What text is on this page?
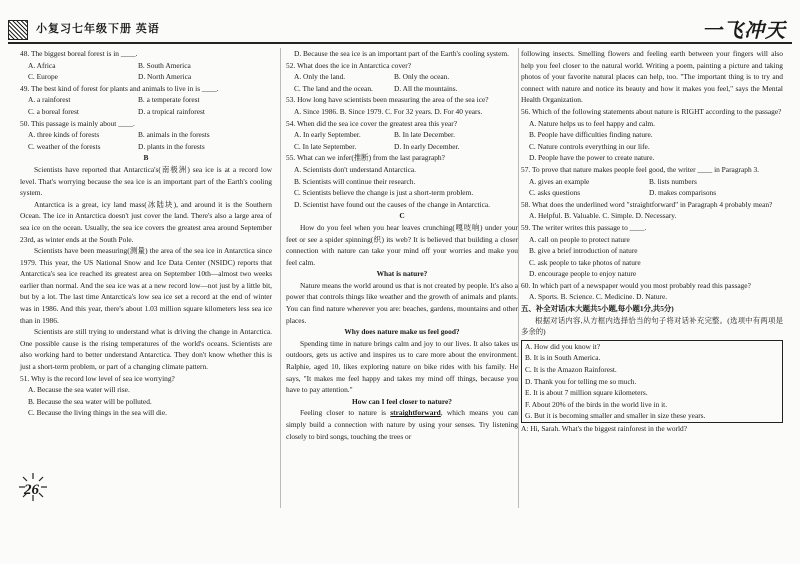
小复习七年级下册 英语	一飞冲天

48. The biggest boreal forest is in ____.

A. Africa	B. South America
C. Europe	D. North America

49. The best kind of forest for plants and animals to live in is ____.

A. a rainforest	B. a temperate forest
C. a boreal forest	D. a tropical rainforest

50. This passage is mainly about ____.

A. three kinds of forests	B. animals in the forests
C. weather of the forests	D. plants in the forests

B

Scientists have reported that Antarctica's(南极洲) sea ice is at a record low level. That's worrying because the sea ice is an important part of the Earth's cooling system.

Antarctica is a great, icy land mass(冰陆块), and around it is the Southern Ocean. The ice in Antarctica doesn't just cover the land. There's also a large area of sea ice on the ocean. Usually, the sea ice covers the greatest area around September 23rd, as winter ends at the South Pole.

Scientists have been measuring(测量) the area of the sea ice in Antarctica since 1979. This year, the US National Snow and Ice Data Center (NSIDC) reports that Antarctica's sea ice reached its greatest area on September 10th—almost two weeks earlier than normal. And the sea ice was at a new record low—not just by a little bit, but by a lot. The last time Antarctica's low sea ice set a record at the end of winter was in 1986. And this year, there's about 1.03 million square kilometers less sea ice than in 1986.

Scientists are still trying to understand what is driving the change in Antarctica. One possible cause is the rising temperatures of the world's oceans. Scientists are also working hard to better understand Antarctica. They don't know whether this is just a short-term problem, or part of a changing climate pattern.

51. Why is the record low level of sea ice worrying?

A. Because the sea water will rise.

B. Because the sea water will be polluted.

C. Because the living things in the sea will die.

D. Because the sea ice is an important part of the Earth's cooling system.

52. What does the ice in Antarctica cover?

A. Only the land.	B. Only the ocean.
C. The land and the ocean.	D. All the mountains.

53. How long have scientists been measuring the area of the sea ice?

A. Since 1986. B. Since 1979. C. For 32 years. D. For 40 years.

54. When did the sea ice cover the greatest area this year?

A. In early September.	B. In late December.
C. In late September.	D. In early December.

55. What can we infer(推断) from the last paragraph?

A. Scientists don't understand Antarctica.

B. Scientists will continue their research.

C. Scientists believe the change is just a short-term problem.

D. Scientist have found out the causes of the change in Antarctica.

C

How do you feel when you hear leaves crunching(嘎吱响) under your feet or see a spider spinning(织) its web? It is believed that building a closer connection with nature can take your mind off your worries and make you feel calm.

What is nature?

Nature means the world around us that is not created by people. It's also a power that controls things like weather and the growth of animals and plants. You can find nature wherever you are: beaches, gardens, mountains and other places.

Why does nature make us feel good?

Spending time in nature brings calm and joy to our lives. It also takes us outdoors, gets us active and inspires us to care more about the environment. Ralphie, aged 10, likes exploring nature on bike rides with his family. He says, "It makes me feel happy and takes my mind off things, because you have to pay attention."

How can I feel closer to nature?

Feeling closer to nature is straightforward, which means you can simply build a connection with nature by using your senses. Try listening closely to bird songs, touching the trees or

following insects. Smelling flowers and feeling earth between your fingers will also help you feel closer to the natural world. Writing a poem, painting a picture and taking photos of your favorite natural places can help, too. "The important thing is to try and connect with nature and notice its beauty and how it makes you feel," says the Mental Health Organization.

56. Which of the following statements about nature is RIGHT according to the passage?

A. Nature helps us to feel happy and calm.

B. People have difficulties finding nature.

C. Nature controls everything in our life.

D. People have the power to create nature.

57. To prove that nature makes people feel good, the writer ____ in Paragraph 3.

A. gives an example	B. lists numbers
C. asks questions	D. makes comparisons

58. What does the underlined word "straightforward" in Paragraph 4 probably mean?

A. Helpful. B. Valuable. C. Simple. D. Necessary.

59. The writer writes this passage to ____.

A. call on people to protect nature

B. give a brief introduction of nature

C. ask people to take photos of nature

D. encourage people to enjoy nature

60. In which part of a newspaper would you most probably read this passage?

A. Sports. B. Science. C. Medicine. D. Nature.

五、补全对话(本大题共5小题,每小题1分,共5分)

根据对话内容,从方框内选择恰当的句子将对话补充完整。(选项中有两项是多余的)

A. How did you know it?

B. It is in South America.

C. It is the Amazon Rainforest.

D. Thank you for telling me so much.

E. It is about 7 million square kilometers.

F. About 20% of the birds in the world live in it.

G. But it is becoming smaller and smaller in size these years.

A: Hi, Sarah. What's the biggest rainforest in the world?

26
